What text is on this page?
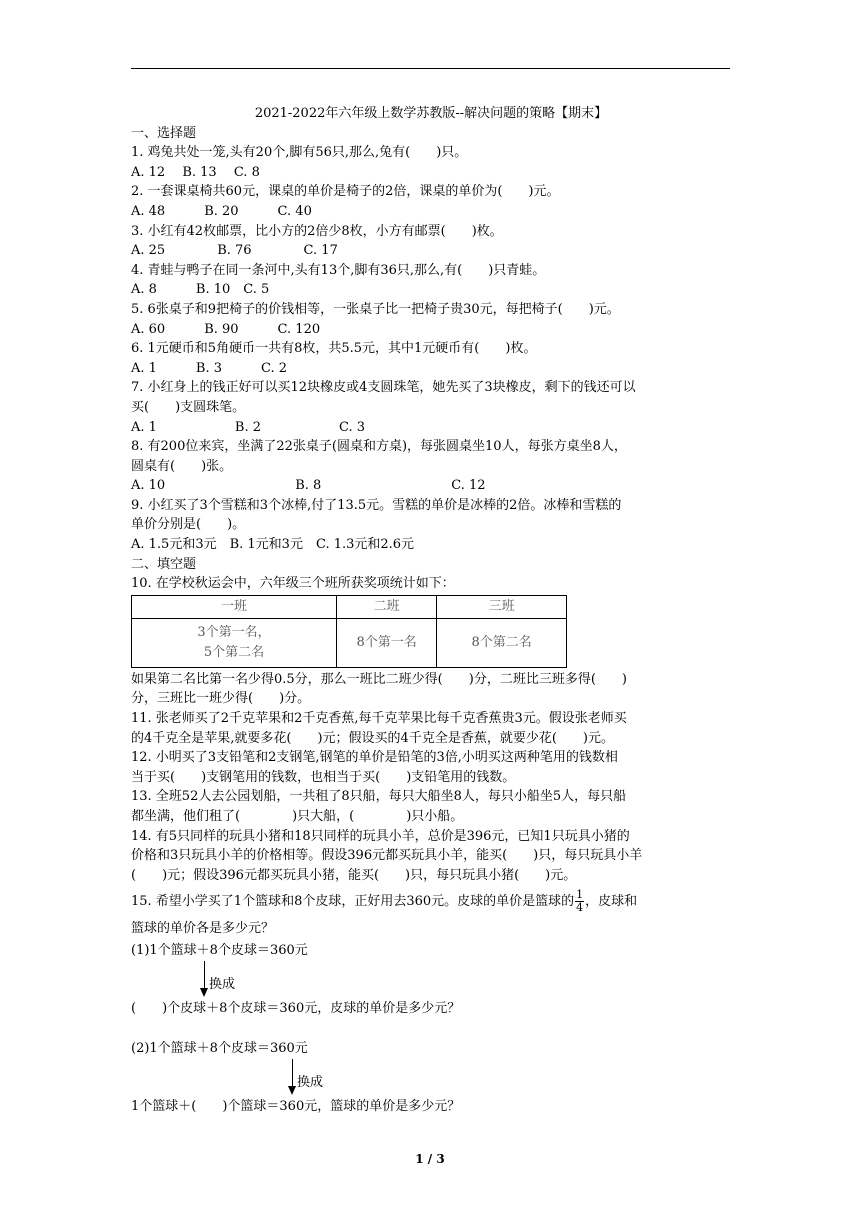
2021-2022年六年级上数学苏教版--解决问题的策略【期末】
一、选择题
1. 鸡兔共处一笼,头有20个,脚有56只,那么,兔有(　　)只。
A. 12　 B. 13　 C. 8
2. 一套课桌椅共60元，课桌的单价是椅子的2倍，课桌的单价为(　　)元。
A. 48　　　B. 20　　　C. 40
3. 小红有42枚邮票，比小方的2倍少8枚，小方有邮票(　　)枚。
A. 25　　　　B. 76　　　　C. 17
4. 青蛙与鸭子在同一条河中,头有13个,脚有36只,那么,有(　　)只青蛙。
A. 8　　　B. 10　C. 5
5. 6张桌子和9把椅子的价钱相等，一张桌子比一把椅子贵30元，每把椅子(　　)元。
A. 60　　　B. 90　　　C. 120
6. 1元硬币和5角硬币一共有8枚，共5.5元，其中1元硬币有(　　)枚。
A. 1　　　B. 3　　　C. 2
7. 小红身上的钱正好可以买12块橡皮或4支圆珠笔，她先买了3块橡皮，剩下的钱还可以
买(　　)支圆珠笔。
A. 1　　　　　　B. 2　　　　　　C. 3
8. 有200位来宾，坐满了22张桌子(圆桌和方桌)，每张圆桌坐10人，每张方桌坐8人，
圆桌有(　　)张。
A. 10　　　　　　　　　　B. 8　　　　　　　　　　C. 12
9. 小红买了3个雪糕和3个冰棒,付了13.5元。雪糕的单价是冰棒的2倍。冰棒和雪糕的
单价分别是(　　)。
A. 1.5元和3元　B. 1元和3元　C. 1.3元和2.6元
二、填空题
10. 在学校秋运会中，六年级三个班所获奖项统计如下：
一班	二班	三班

3个第一名，
5个第二名	8个第一名	8个第二名
如果第二名比第一名少得0.5分，那么一班比二班少得(　　)分，二班比三班多得(　　)
分，三班比一班少得(　　)分。
11. 张老师买了2千克苹果和2千克香蕉,每千克苹果比每千克香蕉贵3元。假设张老师买
的4千克全是苹果,就要多花(　　)元；假设买的4千克全是香蕉，就要少花(　　)元。
12. 小明买了3支铅笔和2支钢笔,钢笔的单价是铅笔的3倍,小明买这两种笔用的钱数相
当于买(　　)支钢笔用的钱数，也相当于买(　　)支铅笔用的钱数。
13. 全班52人去公园划船，一共租了8只船，每只大船坐8人，每只小船坐5人，每只船
都坐满，他们租了(　　　　)只大船，(　　　　)只小船。
14. 有5只同样的玩具小猪和18只同样的玩具小羊，总价是396元，已知1只玩具小猪的
价格和3只玩具小羊的价格相等。假设396元都买玩具小羊，能买(　　)只，每只玩具小羊
(　　)元；假设396元都买玩具小猪，能买(　　)只，每只玩具小猪(　　)元。
15. 希望小学买了1个篮球和8个皮球，正好用去360元。皮球的单价是篮球的 $\frac{1}{4}$ ，皮球和
篮球的单价各是多少元？
(1)1个篮球＋8个皮球＝360元
换成
(　　)个皮球＋8个皮球＝360元，皮球的单价是多少元？
(2)1个篮球＋8个皮球＝360元
换成
1个篮球＋(　　)个篮球＝360元，篮球的单价是多少元？
1 / 3
